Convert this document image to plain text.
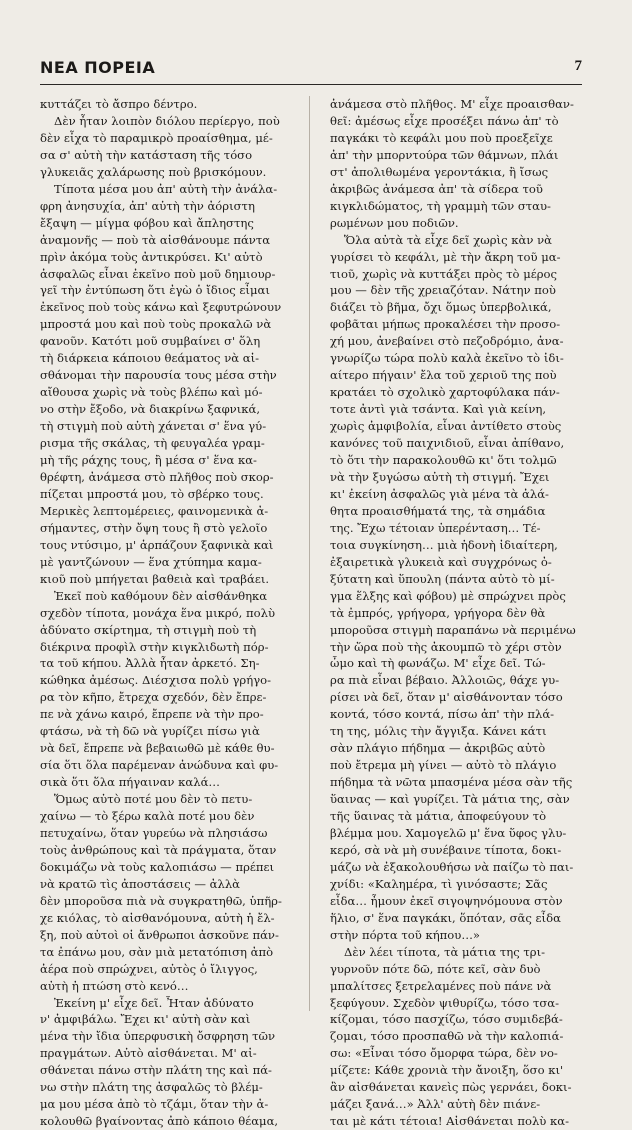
ΝΕΑ ΠΟΡΕΙΑ	7
κυττάζει τὸ ἄσπρο δέντρο.
Δὲν ἦταν λοιπὸν διόλου περίεργο, ποὺ
δὲν εἶχα τὸ παραμικρὸ προαίσθημα, μέ-
σα σ' αὐτὴ τὴν κατάσταση τῆς τόσο
γλυκειᾶς χαλάρωσης ποὺ βρισκόμουν.
Τίποτα μέσα μου ἀπ' αὐτὴ τὴν ἀνάλα-
φρη ἀνησυχία, ἀπ' αὐτὴ τὴν ἀόριστη
ἔξαψη — μίγμα φόβου καὶ ἄπληστης
ἀναμονῆς — ποὺ τὰ αἰσθάνουμε πάντα
πρὶν ἀκόμα τοὺς ἀντικρύσει. Κι' αὐτὸ
ἀσφαλῶς εἶναι ἐκεῖνο ποὺ μοῦ δημιουρ-
γεῖ τὴν ἐντύπωση ὅτι ἐγὼ ὁ ἴδιος εἶμαι
ἐκεῖνος ποὺ τοὺς κάνω καὶ ξεφυτρώνουν
μπροστά μου καὶ ποὺ τοὺς προκαλῶ νὰ
φανοῦν. Κατότι μοῦ συμβαίνει σ' ὅλη
τὴ διάρκεια κάποιου θεάματος νὰ αἰ-
σθάνομαι τὴν παρουσία τους μέσα στὴν
αἴθουσα χωρὶς νὰ τοὺς βλέπω καὶ μό-
νο στὴν ἔξοδο, νὰ διακρίνω ξαφνικά,
τὴ στιγμὴ ποὺ αὐτὴ χάνεται σ' ἕνα γύ-
ρισμα τῆς σκάλας, τὴ φευγαλέα γραμ-
μὴ τῆς ράχης τους, ἢ μέσα σ' ἕνα κα-
θρέφτη, ἀνάμεσα στὸ πλῆθος ποὺ σκορ-
πίζεται μπροστά μου, τὸ σβέρκο τους.
Μερικὲς λεπτομέρειες, φαινομενικὰ ἀ-
σήμαντες, στὴν ὄψη τους ἢ στὸ γελοῖο
τους ντύσιμο, μ' ἁρπάζουν ξαφνικὰ καὶ
μὲ γαντζώνουν — ἕνα χτύπημα καμα-
κιοῦ ποὺ μπήγεται βαθειὰ καὶ τραβάει.
Ἐκεῖ ποὺ καθόμουν δὲν αἰσθάνθηκα
σχεδὸν τίποτα, μονάχα ἕνα μικρό, πολὺ
ἀδύνατο σκίρτημα, τὴ στιγμὴ ποὺ τὴ
διέκρινα προφὶλ στὴν κιγκλιδωτὴ πόρ-
τα τοῦ κήπου. Ἀλλὰ ἦταν ἀρκετό. Ση-
κώθηκα ἀμέσως. Διέσχισα πολὺ γρήγο-
ρα τὸν κῆπο, ἔτρεχα σχεδόν, δὲν ἔπρε-
πε νὰ χάνω καιρό, ἔπρεπε νὰ τὴν προ-
φτάσω, νὰ τὴ δῶ νὰ γυρίζει πίσω γιὰ
νὰ δεῖ, ἔπρεπε νὰ βεβαιωθῶ μὲ κάθε θυ-
σία ὅτι ὅλα παρέμεναν ἀνώδυνα καὶ φυ-
σικὰ ὅτι ὅλα πήγαιναν καλά…
Ὅμως αὐτὸ ποτέ μου δὲν τὸ πετυ-
χαίνω — τὸ ξέρω καλὰ ποτέ μου δὲν
πετυχαίνω, ὅταν γυρεύω νὰ πλησιάσω
τοὺς ἀνθρώπους καὶ τὰ πράγματα, ὅταν
δοκιμάζω νὰ τοὺς καλοπιάσω — πρέπει
νὰ κρατῶ τὶς ἀποστάσεις — ἀλλὰ
δὲν μποροῦσα πιὰ νὰ συγκρατηθῶ, ὑπῆρ-
χε κιόλας, τὸ αἰσθανόμουνα, αὐτὴ ἡ ἔλ-
ξη, ποὺ αὐτοὶ οἱ ἄνθρωποι ἀσκοῦνε πάν-
τα ἐπάνω μου, σὰν μιὰ μετατόπιση ἀπὸ
ἀέρα ποὺ σπρώχνει, αὐτὸς ὁ ἴλιγγος,
αὐτὴ ἡ πτώση στὸ κενό…
Ἐκείνη μ' εἶχε δεῖ. Ἦταν ἀδύνατο
ν' ἀμφιβάλω. Ἔχει κι' αὐτὴ σὰν καὶ
μένα τὴν ἴδια ὑπερφυσικὴ ὄσφρηση τῶν
πραγμάτων. Αὐτὸ αἰσθάνεται. Μ' αἰ-
σθάνεται πάνω στὴν πλάτη της καὶ πά-
νω στὴν πλάτη της ἀσφαλῶς τὸ βλέμ-
μα μου μέσα ἀπὸ τὸ τζάμι, ὅταν τὴν ἀ-
κολουθῶ βγαίνοντας ἀπὸ κάποιο θέαμα,
ἀνάμεσα στὸ πλῆθος. Μ' εἶχε προαισθαν-
θεῖ: ἀμέσως εἶχε προσέξει πάνω ἀπ' τὸ
παγκάκι τὸ κεφάλι μου ποὺ προεξεῖχε
ἀπ' τὴν μπορντούρα τῶν θάμνων, πλάι
στ' ἀπολιθωμένα γεροντάκια, ἢ ἴσως
ἀκριβῶς ἀνάμεσα ἀπ' τὰ σίδερα τοῦ
κιγκλιδώματος, τὴ γραμμὴ τῶν σταυ-
ρωμένων μου ποδιῶν.
Ὅλα αὐτὰ τὰ εἶχε δεῖ χωρὶς κὰν νὰ
γυρίσει τὸ κεφάλι, μὲ τὴν ἄκρη τοῦ μα-
τιοῦ, χωρὶς νὰ κυττάξει πρὸς τὸ μέρος
μου — δὲν τῆς χρειαζόταν. Νάτην ποὺ
διάζει τὸ βῆμα, ὄχι ὅμως ὑπερβολικά,
φοβᾶται μήπως προκαλέσει τὴν προσο-
χή μου, ἀνεβαίνει στὸ πεζοδρόμιο, ἀνα-
γνωρίζω τώρα πολὺ καλὰ ἐκεῖνο τὸ ἰδι-
αίτερο πήγαιν' ἔλα τοῦ χεριοῦ της ποὺ
κρατάει τὸ σχολικὸ χαρτοφύλακα πάν-
τοτε ἀντὶ γιὰ τσάντα. Καὶ γιὰ κείνη,
χωρὶς ἀμφιβολία, εἶναι ἀντίθετο στοὺς
κανόνες τοῦ παιχνιδιοῦ, εἶναι ἀπίθανο,
τὸ ὅτι τὴν παρακολουθῶ κι' ὅτι τολμῶ
νὰ τὴν ξυγώσω αὐτὴ τὴ στιγμή. Ἔχει
κι' ἐκείνη ἀσφαλῶς γιὰ μένα τὰ ἀλά-
θητα προαισθήματά της, τὰ σημάδια
της. Ἔχω τέτοιαν ὑπερένταση… Τέ-
τοια συγκίνηση… μιὰ ἡδονὴ ἰδιαίτερη,
ἐξαιρετικὰ γλυκειὰ καὶ συγχρόνως ὀ-
ξύτατη καὶ ὕπουλη (πάντα αὐτὸ τὸ μί-
γμα ἕλξης καὶ φόβου) μὲ σπρώχνει πρὸς
τὰ ἐμπρός, γρήγορα, γρήγορα δὲν θὰ
μποροῦσα στιγμὴ παραπάνω νὰ περιμένω
τὴν ὥρα ποὺ τὴς ἀκουμπῶ τὸ χέρι στὸν
ὦμο καὶ τὴ φωνάζω. Μ' εἶχε δεῖ. Τώ-
ρα πιὰ εἶναι βέβαιο. Ἀλλοιῶς, θάχε γυ-
ρίσει νὰ δεῖ, ὅταν μ' αἰσθάνονταν τόσο
κοντά, τόσο κοντά, πίσω ἀπ' τὴν πλά-
τη της, μόλις τὴν ἄγγιξα. Κάνει κάτι
σὰν πλάγιο πήδημα — ἀκριβῶς αὐτὸ
ποὺ ἔτρεμα μὴ γίνει — αὐτὸ τὸ πλάγιο
πήδημα τὰ νῶτα μπασμένα μέσα σὰν τῆς
ὕαινας — καὶ γυρίζει. Τὰ μάτια της, σὰν
τῆς ὕαινας τὰ μάτια, ἀποφεύγουν τὸ
βλέμμα μου. Χαμογελῶ μ' ἕνα ὕφος γλυ-
κερό, σὰ νὰ μὴ συνέβαινε τίποτα, δοκι-
μάζω νὰ ἐξακολουθήσω νὰ παίζω τὸ παι-
χνίδι: «Καλημέρα, τὶ γινόσαστε; Σᾶς
εἶδα… ἦμουν ἐκεῖ σιγοψηνόμουνα στὸν
ἥλιο, σ' ἕνα παγκάκι, ὅπόταν, σᾶς εἶδα
στὴν πόρτα τοῦ κήπου…»
Δὲν λέει τίποτα, τὰ μάτια της τρι-
γυρνοῦν πότε δῶ, πότε κεῖ, σὰν δυὸ
μπαλίτσες ξετρελαμένες ποὺ πάνε νὰ
ξεφύγουν. Σχεδὸν ψιθυρίζω, τόσο τσα-
κίζομαι, τόσο πασχίζω, τόσο συμιδεβά-
ζομαι, τόσο προσπαθῶ νὰ τὴν καλοπιά-
σω: «Εἶναι τόσο ὄμορφα τώρα, δὲν νο-
μίζετε: Κάθε χρονιὰ τὴν ἄνοιξη, ὅσο κι'
ἂν αἰσθάνεται κανεὶς πὼς γερνάει, δοκι-
μάζει ξανά…» Ἀλλ' αὐτὴ δὲν πιάνε-
ται μὲ κάτι τέτοια! Αἰσθάνεται πολὺ κα-
